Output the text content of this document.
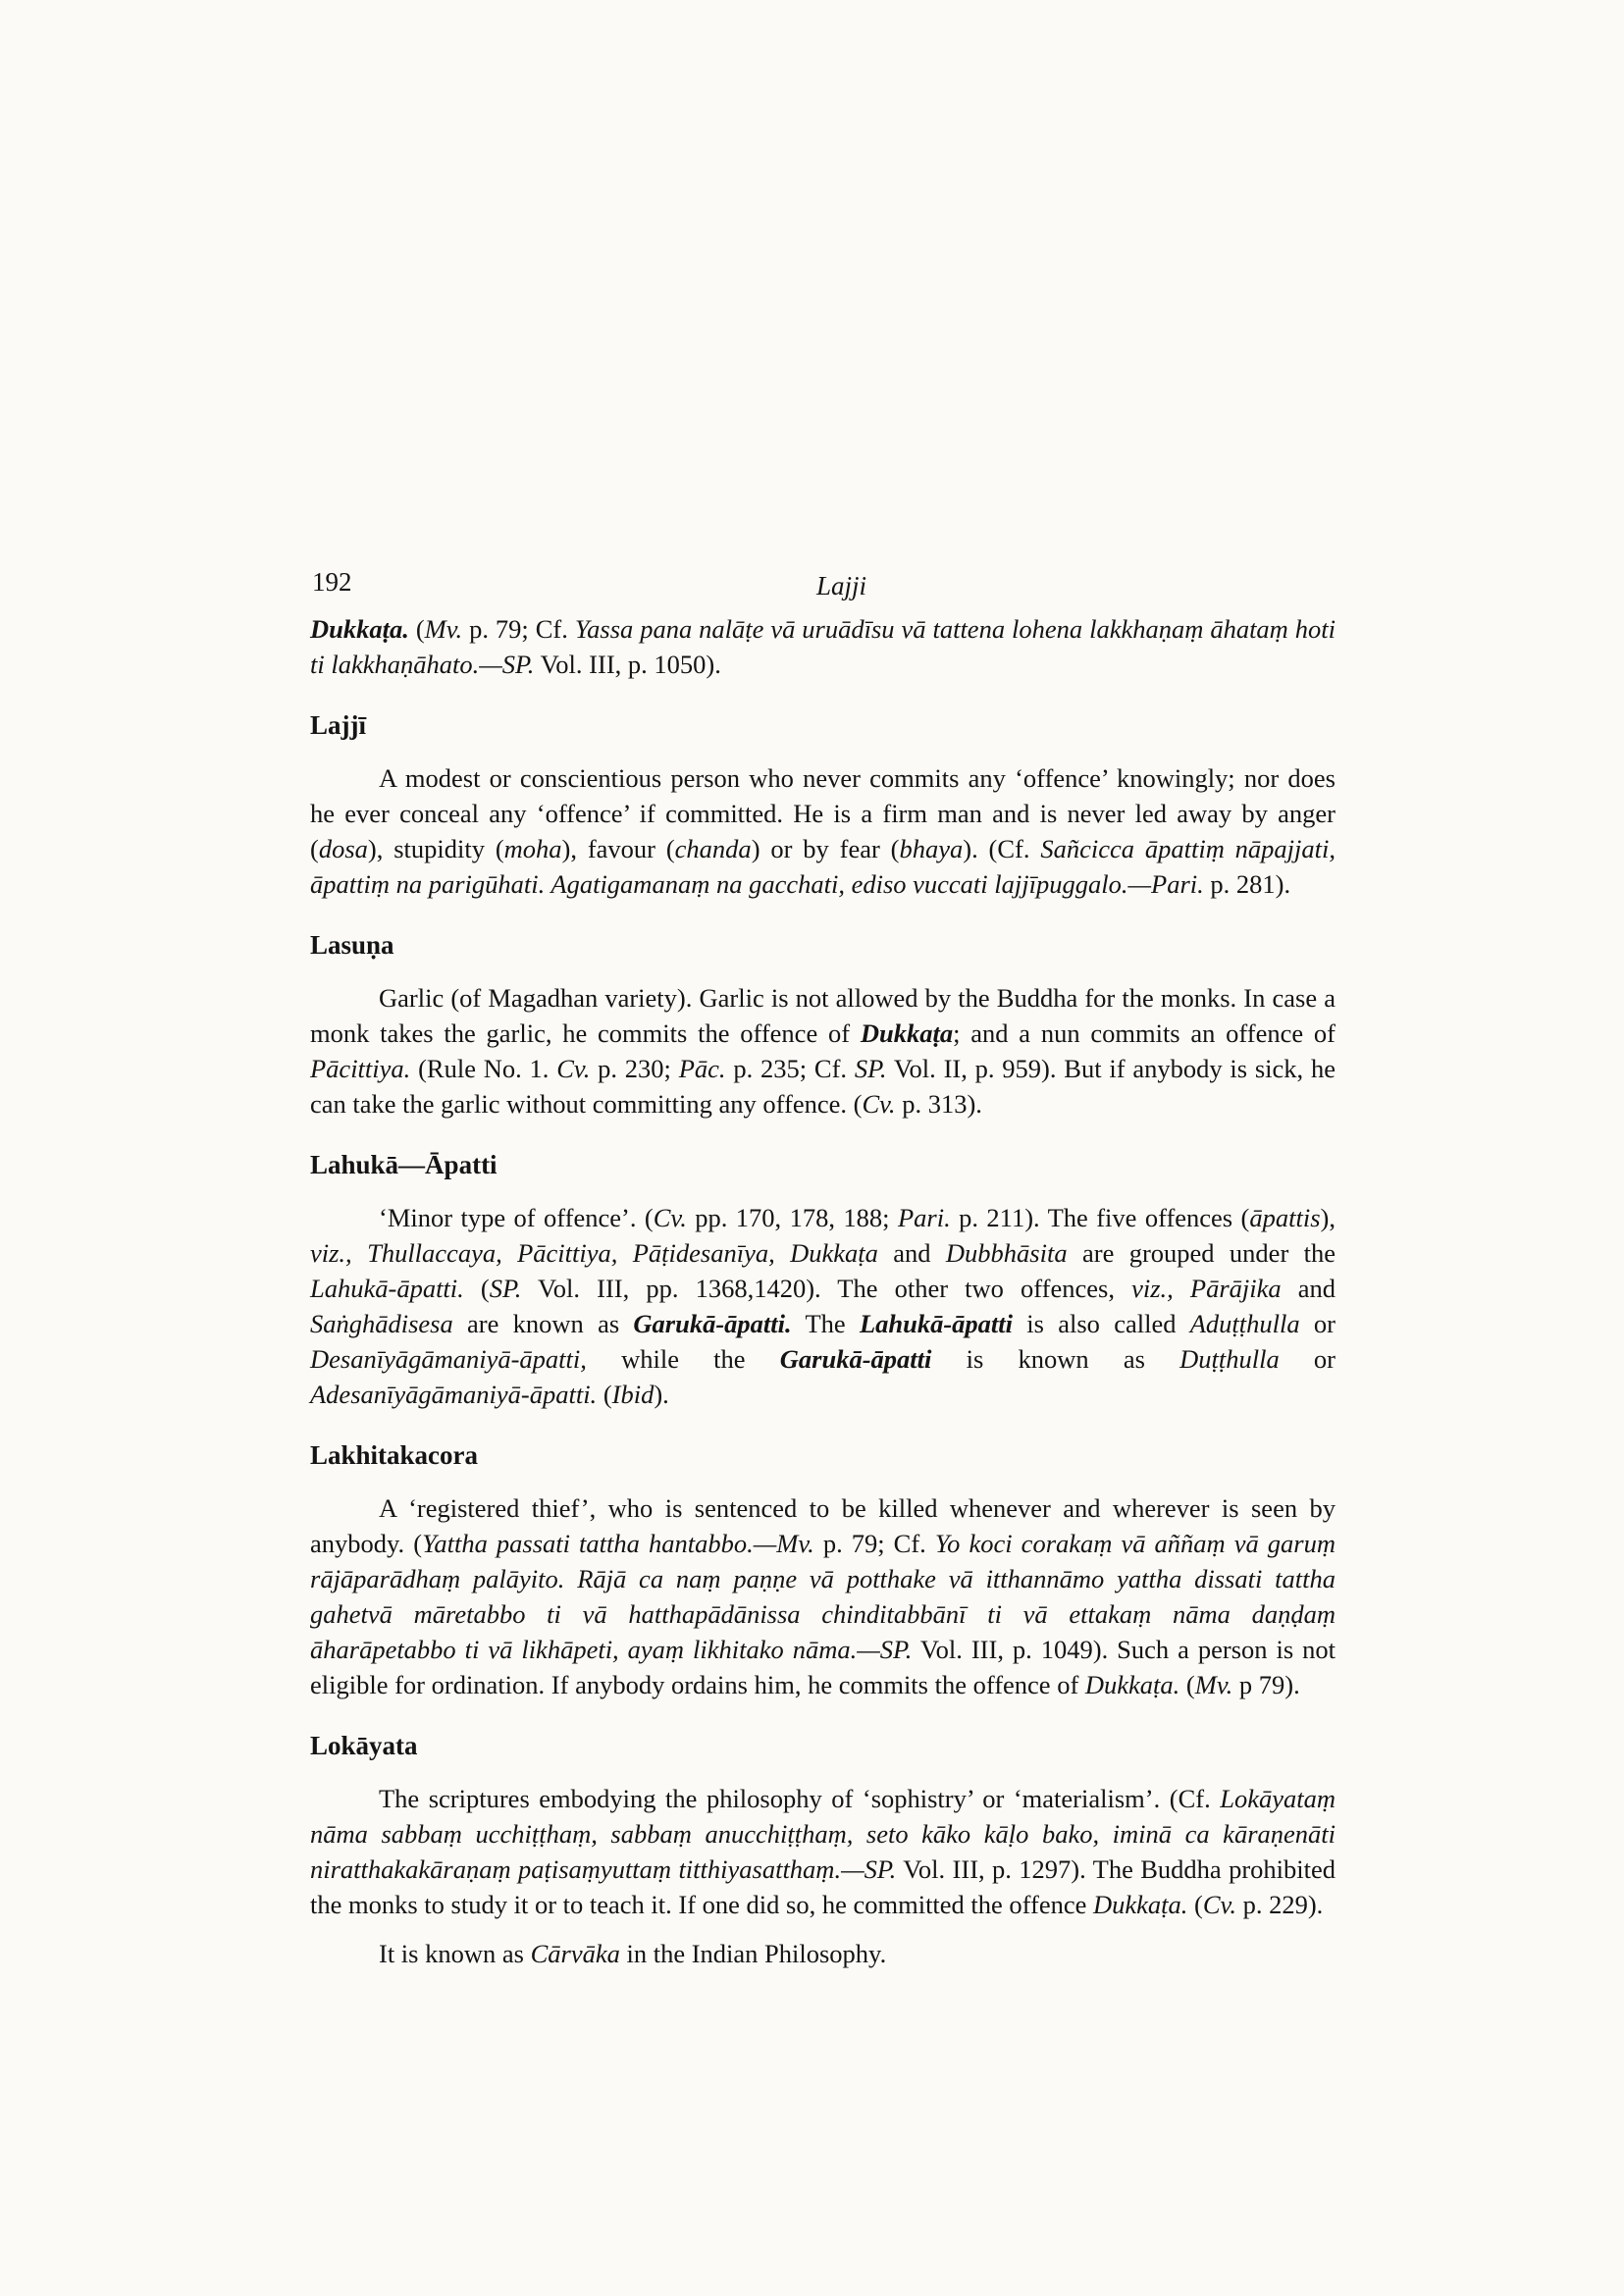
192	Lajji

Dukkaṭa. (Mv. p. 79; Cf. Yassa pana nalāṭe vā uruādīsu vā tattena lohena lakkhaṇaṃ āhataṃ hoti ti lakkhaṇāhato.—SP. Vol. III, p. 1050).

Lajjī

A modest or conscientious person who never commits any ‘offence’ knowingly; nor does he ever conceal any ‘offence’ if committed. He is a firm man and is never led away by anger (dosa), stupidity (moha), favour (chanda) or by fear (bhaya). (Cf. Sañcicca āpattiṃ nāpajjati, āpattiṃ na parigūhati. Agatigamanaṃ na gacchati, ediso vuccati lajjīpuggalo.—Pari. p. 281).

Lasuṇa

Garlic (of Magadhan variety). Garlic is not allowed by the Buddha for the monks. In case a monk takes the garlic, he commits the offence of Dukkaṭa; and a nun commits an offence of Pācittiya. (Rule No. 1. Cv. p. 230; Pāc. p. 235; Cf. SP. Vol. II, p. 959). But if anybody is sick, he can take the garlic without committing any offence. (Cv. p. 313).

Lahukā—Āpatti

‘Minor type of offence’. (Cv. pp. 170, 178, 188; Pari. p. 211). The five offences (āpattis), viz., Thullaccaya, Pācittiya, Pāṭidesanīya, Dukkaṭa and Dubbhāsita are grouped under the Lahukā-āpatti. (SP. Vol. III, pp. 1368,1420). The other two offences, viz., Pārājika and Saṅghādisesa are known as Garukā-āpatti. The Lahukā-āpatti is also called Aduṭṭhulla or Desanīyāgāmaniyā-āpatti, while the Garukā-āpatti is known as Duṭṭhulla or Adesanīyāgāmaniyā-āpatti. (Ibid).

Lakhitakacora

A ‘registered thief’, who is sentenced to be killed whenever and wherever is seen by anybody. (Yattha passati tattha hantabbo.—Mv. p. 79; Cf. Yo koci corakaṃ vā aññaṃ vā garuṃ rājāparādhaṃ palāyito. Rājā ca naṃ paṇṇe vā potthake vā itthannāmo yattha dissati tattha gahetvā māretabbo ti vā hatthapādānissa chinditabbānī ti vā ettakaṃ nāma daṇḍaṃ āharāpetabbo ti vā likhāpeti, ayaṃ likhitako nāma.—SP. Vol. III, p. 1049). Such a person is not eligible for ordination. If anybody ordains him, he commits the offence of Dukkaṭa. (Mv. p 79).

Lokāyata

The scriptures embodying the philosophy of ‘sophistry’ or ‘materialism’. (Cf. Lokāyataṃ nāma sabbaṃ ucchiṭṭhaṃ, sabbaṃ anucchiṭṭhaṃ, seto kāko kāḷo bako, iminā ca kāraṇenāti niratthakakāraṇaṃ paṭisaṃyuttaṃ titthiyasatthaṃ.—SP. Vol. III, p. 1297). The Buddha prohibited the monks to study it or to teach it. If one did so, he committed the offence Dukkaṭa. (Cv. p. 229).

It is known as Cārvāka in the Indian Philosophy.
